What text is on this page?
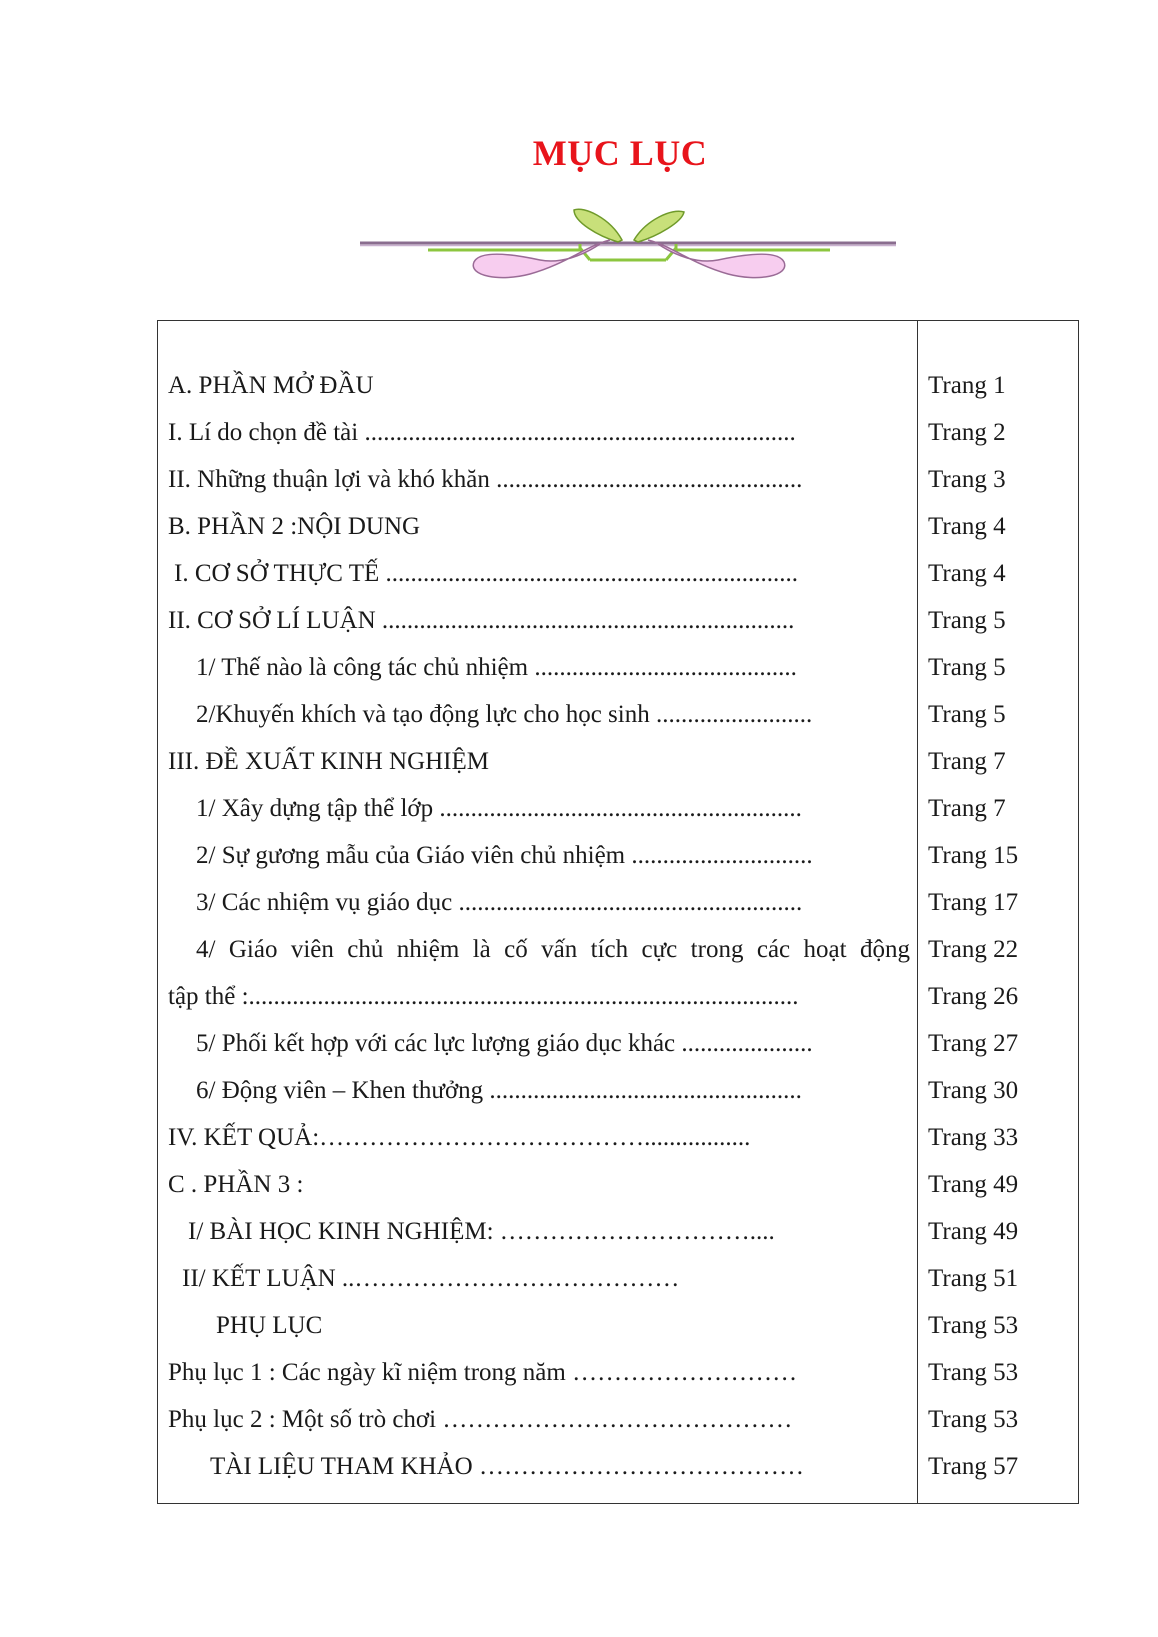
MỤC LỤC
A. PHẦN MỞ ĐẦU	Trang 1
I. Lí do chọn đề tài .....................................................................	Trang 2
II. Những thuận lợi và khó khăn .................................................	Trang 3
B. PHẦN 2 :NỘI DUNG	Trang 4
I. CƠ SỞ THỰC TẾ ..................................................................	Trang 4
II. CƠ SỞ LÍ LUẬN ..................................................................	Trang 5
1/ Thế nào là công tác chủ nhiệm ..........................................	Trang 5
2/Khuyến khích và tạo động lực cho học sinh .........................	Trang 5
III. ĐỀ XUẤT KINH NGHIỆM	Trang 7
1/ Xây dựng tập thể lớp ..........................................................	Trang 7
2/ Sự gương mẫu của Giáo viên chủ nhiệm .............................	Trang 15
3/ Các nhiệm vụ giáo dục .......................................................	Trang 17
4/ Giáo viên chủ nhiệm là cố vấn tích cực trong các hoạt động Trang 22
tập thể :........................................................................................	Trang 26
5/ Phối kết hợp với các lực lượng giáo dục khác .....................	Trang 27
6/ Động viên – Khen thưởng ..................................................	Trang 30
IV. KẾT QUẢ:………………………………….................	Trang 33
C . PHẦN 3 :	Trang 49
I/ BÀI HỌC KINH NGHIỆM: …………………………....	Trang 49
II/ KẾT LUẬN ..…………………………………	Trang 51
PHỤ LỤC	Trang 53
Phụ lục 1 : Các ngày kĩ niệm trong năm ………………………	Trang 53
Phụ lục 2 : Một số trò chơi ……………………………………	Trang 53
TÀI LIỆU THAM KHẢO …………………………………	Trang 57
